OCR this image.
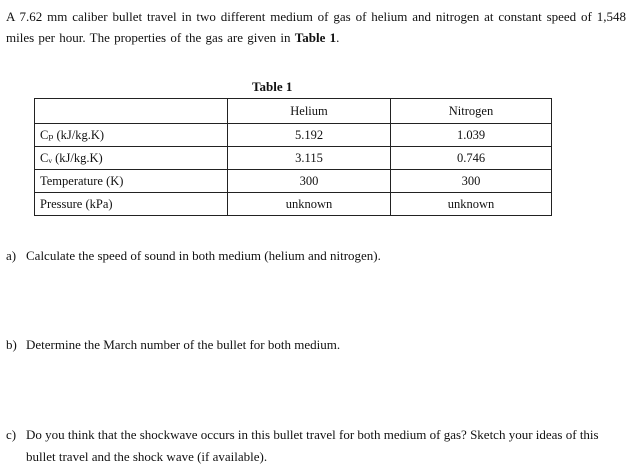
A 7.62 mm caliber bullet travel in two different medium of gas of helium and nitrogen at constant speed of 1,548 miles per hour. The properties of the gas are given in Table 1.
Table 1
	Helium	Nitrogen
Cₚ (kJ/kg.K)	5.192	1.039
Cᵥ (kJ/kg.K)	3.115	0.746
Temperature (K)	300	300
Pressure (kPa)	unknown	unknown
a) Calculate the speed of sound in both medium (helium and nitrogen).
b) Determine the March number of the bullet for both medium.
c) Do you think that the shockwave occurs in this bullet travel for both medium of gas? Sketch your ideas of this bullet travel and the shock wave (if available).
